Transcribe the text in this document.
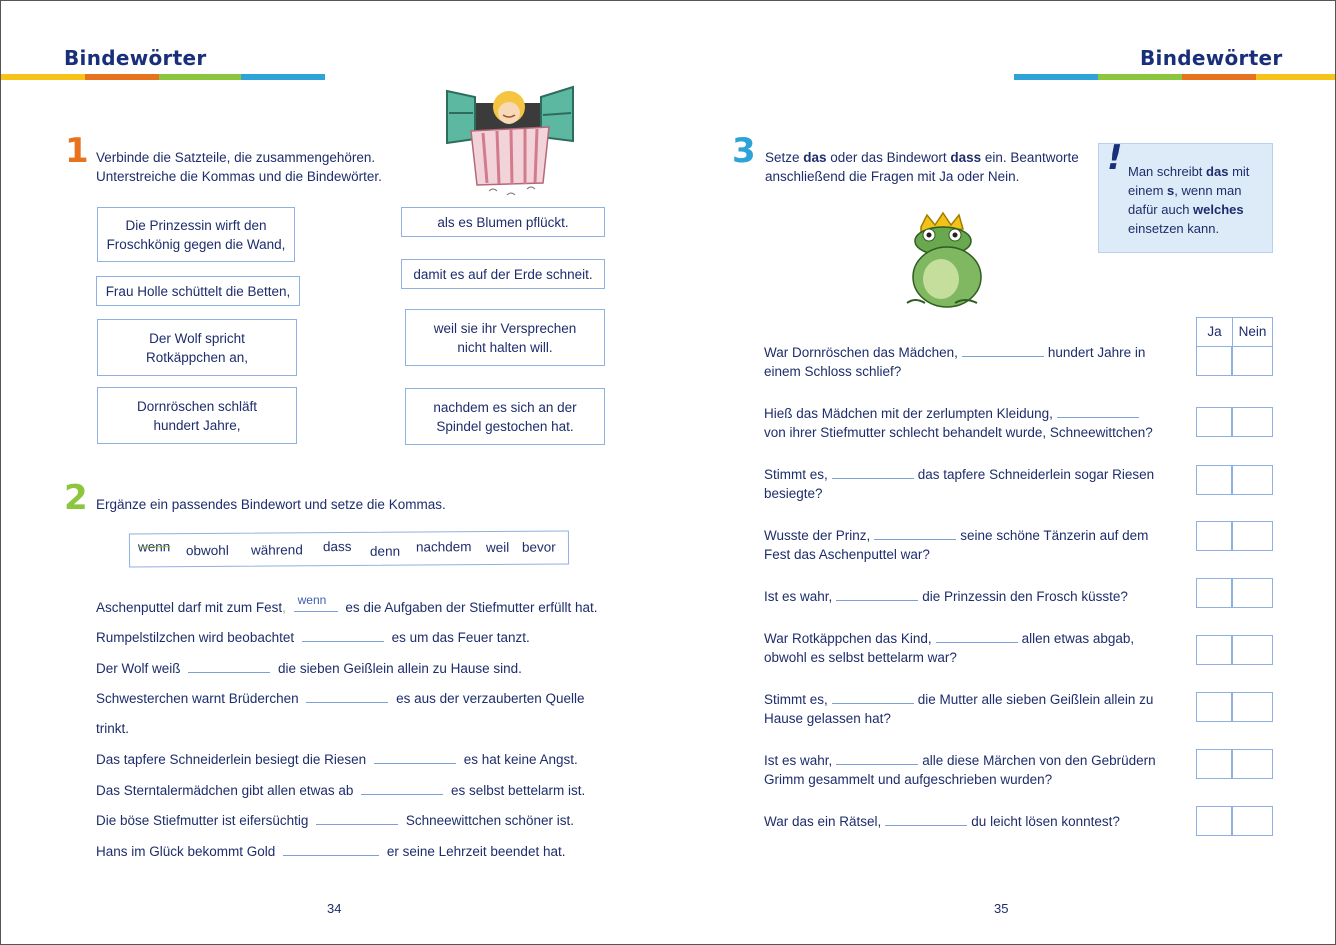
Bindewörter	Bindewörter
1 Verbinde die Satzteile, die zusammengehören.
Unterstreiche die Kommas und die Bindewörter.
Die Prinzessin wirft den
Froschkönig gegen die Wand,
Frau Holle schüttelt die Betten,
Der Wolf spricht
Rotkäppchen an,
Dornröschen schläft
hundert Jahre,
als es Blumen pflückt.
damit es auf der Erde schneit.
weil sie ihr Versprechen
nicht halten will.
nachdem es sich an der
Spindel gestochen hat.
2 Ergänze ein passendes Bindewort und setze die Kommas.
wenn obwohl während dass denn nachdem weil bevor
Aschenputtel darf mit zum Fest, wenn es die Aufgaben der Stiefmutter erfüllt hat.
Rumpelstilzchen wird beobachtet	es um das Feuer tanzt.
Der Wolf weiß	die sieben Geißlein allein zu Hause sind.
Schwesterchen warnt Brüderchen	es aus der verzauberten Quelle
trinkt.
Das tapfere Schneiderlein besiegt die Riesen	es hat keine Angst.
Das Sterntalermädchen gibt allen etwas ab	es selbst bettelarm ist.
Die böse Stiefmutter ist eifersüchtig	Schneewittchen schöner ist.
Hans im Glück bekommt Gold	er seine Lehrzeit beendet hat.
34
3 Setze das oder das Bindewort dass ein. Beantworte
anschließend die Fragen mit Ja oder Nein.	! Man schreibt das mit
einem s, wenn man
dafür auch welches
einsetzen kann.
Ja	Nein
War Dornröschen das Mädchen,	hundert Jahre in
einem Schloss schlief?
Hieß das Mädchen mit der zerlumpten Kleidung,
von ihrer Stiefmutter schlecht behandelt wurde, Schneewittchen?
Stimmt es,	das tapfere Schneiderlein sogar Riesen
besiegte?
Wusste der Prinz,	seine schöne Tänzerin auf dem
Fest das Aschenputtel war?
Ist es wahr,	die Prinzessin den Frosch küsste?

War Rotkäppchen das Kind,	allen etwas abgab,
obwohl es selbst bettelarm war?
Stimmt es,	die Mutter alle sieben Geißlein allein zu
Hause gelassen hat?
Ist es wahr,	alle diese Märchen von den Gebrüdern
Grimm gesammelt und aufgeschrieben wurden?
War das ein Rätsel,	du leicht lösen konntest?

35
